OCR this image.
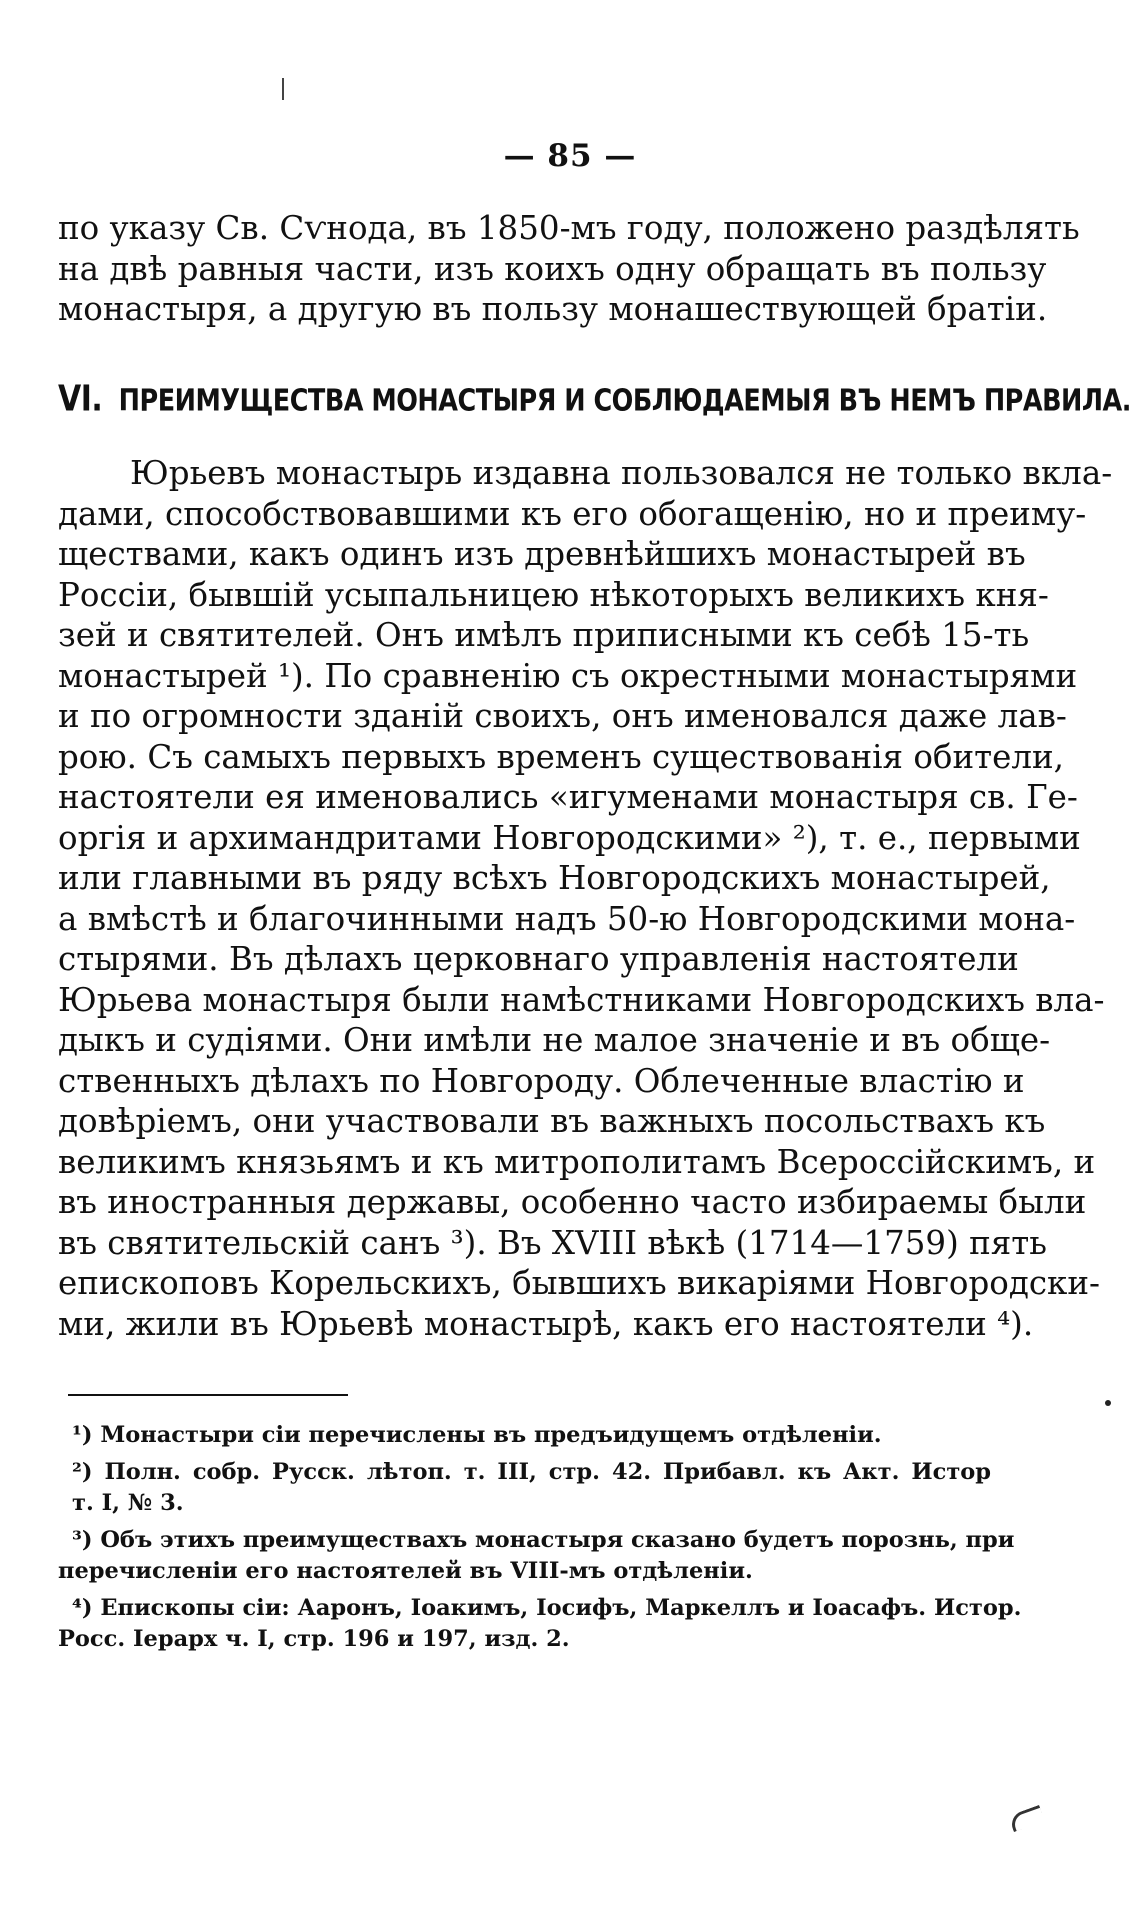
— 85 —
по указу Св. Сѵнода, въ 1850-мъ году, положено раздѣлять
на двѣ равныя части, изъ коихъ одну обращать въ пользу
монастыря, а другую въ пользу монашествующей братіи.
VI. ПРЕИМУЩЕСТВА МОНАСТЫРЯ И СОБЛЮДАЕМЫЯ ВЪ НЕМЪ ПРАВИЛА.
Юрьевъ монастырь издавна пользовался не только вкла-
дами, способствовавшими къ его обогащенію, но и преиму-
ществами, какъ одинъ изъ древнѣйшихъ монастырей въ
Россіи, бывшій усыпальницею нѣкоторыхъ великихъ кня-
зей и святителей. Онъ имѣлъ приписными къ себѣ 15-ть
монастырей ¹). По сравненію съ окрестными монастырями
и по огромности зданій своихъ, онъ именовался даже лав-
рою. Съ самыхъ первыхъ временъ существованія обители,
настоятели ея именовались «игуменами монастыря св. Ге-
оргія и архимандритами Новгородскими» ²), т. е., первыми
или главными въ ряду всѣхъ Новгородскихъ монастырей,
а вмѣстѣ и благочинными надъ 50-ю Новгородскими мона-
стырями. Въ дѣлахъ церковнаго управленія настоятели
Юрьева монастыря были намѣстниками Новгородскихъ вла-
дыкъ и судіями. Они имѣли не малое значеніе и въ обще-
ственныхъ дѣлахъ по Новгороду. Облеченные властію и
довѣріемъ, они участвовали въ важныхъ посольствахъ къ
великимъ князьямъ и къ митрополитамъ Всероссійскимъ, и
въ иностранныя державы, особенно часто избираемы были
въ святительскій санъ ³). Въ XVIII вѣкѣ (1714—1759) пять
епископовъ Корельскихъ, бывшихъ викаріями Новгородски-
ми, жили въ Юрьевѣ монастырѣ, какъ его настоятели ⁴).
¹) Монастыри сіи перечислены въ предъидущемъ отдѣленіи.
²) Полн. собр. Русск. лѣтоп. т. III, стр. 42. Прибавл. къ Акт. Истор
т. I, № 3.
³) Объ этихъ преимуществахъ монастыря сказано будетъ порознь, при
перечисленіи его настоятелей въ VIII-мъ отдѣленіи.
⁴) Епископы сіи: Ааронъ, Іоакимъ, Іосифъ, Маркеллъ и Іоасафъ. Истор.
Росс. Іерарх ч. I, стр. 196 и 197, изд. 2.
